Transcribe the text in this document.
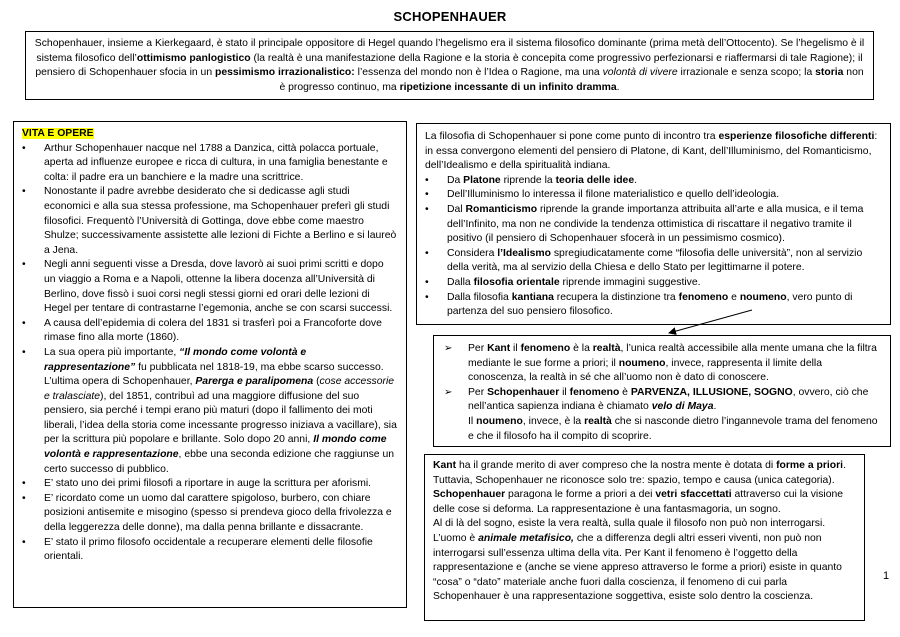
SCHOPENHAUER
Schopenhauer, insieme a Kierkegaard, è stato il principale oppositore di Hegel quando l’hegelismo era il sistema filosofico dominante (prima metà dell’Ottocento). Se l’hegelismo è il sistema filosofico dell’ottimismo panlogistico (la realtà è una manifestazione della Ragione e la storia è concepita come progressivo perfezionarsi e riaffermarsi di tale Ragione); il pensiero di Schopenhauer sfocia in un pessimismo irrazionalistico: l’essenza del mondo non è l’Idea o Ragione, ma una volontà di vivere irrazionale e senza scopo; la storia non è progresso continuo, ma ripetizione incessante di un infinito dramma.
VITA E OPERE
• Arthur Schopenhauer nacque nel 1788 a Danzica, città polacca portuale, aperta ad influenze europee e ricca di cultura, in una famiglia benestante e colta: il padre era un banchiere e la madre una scrittrice.
• Nonostante il padre avrebbe desiderato che si dedicasse agli studi economici e alla sua stessa professione, ma Schopenhauer preferì gli studi filosofici. Frequentò l’Università di Gottinga, dove ebbe come maestro Shulze; successivamente assistette alle lezioni di Fichte a Berlino e si laureò a Jena.
• Negli anni seguenti visse a Dresda, dove lavorò ai suoi primi scritti e dopo un viaggio a Roma e a Napoli, ottenne la libera docenza all’Università di Berlino, dove fissò i suoi corsi negli stessi giorni ed orari delle lezioni di Hegel per tentare di contrastarne l’egemonia, anche se con scarsi successi.
• A causa dell’epidemia di colera del 1831 si trasferì poi a Francoforte dove rimase fino alla morte (1860).
• La sua opera più importante, “Il mondo come volontà e rappresentazione” fu pubblicata nel 1818-19, ma ebbe scarso successo. L’ultima opera di Schopenhauer, Parerga e paralipomena (cose accessorie e tralasciate), del 1851, contribuì ad una maggiore diffusione del suo pensiero, sia perché i tempi erano più maturi (dopo il fallimento dei moti liberali, l’idea della storia come incessante progresso iniziava a vacillare), sia per la scrittura più popolare e brillante. Solo dopo 20 anni, Il mondo come volontà e rappresentazione, ebbe una seconda edizione che raggiunse un certo successo di pubblico.
• E’ stato uno dei primi filosofi a riportare in auge la scrittura per aforismi.
• E’ ricordato come un uomo dal carattere spigoloso, burbero, con chiare posizioni antisemite e misogino (spesso si prendeva gioco della frivolezza e della leggerezza delle donne), ma dalla penna brillante e dissacrante.
• E’ stato il primo filosofo occidentale a recuperare elementi delle filosofie orientali.
La filosofia di Schopenhauer si pone come punto di incontro tra esperienze filosofiche differenti: in essa convergono elementi del pensiero di Platone, di Kant, dell’Illuminismo, del Romanticismo, dell’Idealismo e della spiritualità indiana.
• Da Platone riprende la teoria delle idee.
• Dell’Illuminismo lo interessa il filone materialistico e quello dell’ideologia.
• Dal Romanticismo riprende la grande importanza attribuita all’arte e alla musica, e il tema dell’Infinito, ma non ne condivide la tendenza ottimistica di riscattare il negativo tramite il positivo (il pensiero di Schopenhauer sfocerà in un pessimismo cosmico).
• Considera l’Idealismo spregiudicatamente come “filosofia delle università”, non al servizio della verità, ma al servizio della Chiesa e dello Stato per legittimarne il potere.
• Dalla filosofia orientale riprende immagini suggestive.
• Dalla filosofia kantiana recupera la distinzione tra fenomeno e noumeno, vero punto di partenza del suo pensiero filosofico.
➢ Per Kant il fenomeno è la realtà, l’unica realtà accessibile alla mente umana che la filtra mediante le sue forme a priori; il noumeno, invece, rappresenta il limite della conoscenza, la realtà in sé che all’uomo non è dato di conoscere.
➢ Per Schopenhauer il fenomeno è PARVENZA, ILLUSIONE, SOGNO, ovvero, ciò che nell’antica sapienza indiana è chiamato velo di Maya.
Il noumeno, invece, è la realtà che si nasconde dietro l’ingannevole trama del fenomeno e che il filosofo ha il compito di scoprire.
Kant ha il grande merito di aver compreso che la nostra mente è dotata di forme a priori. Tuttavia, Schopenhauer ne riconosce solo tre: spazio, tempo e causa (unica categoria).
Schopenhauer paragona le forme a priori a dei vetri sfaccettati attraverso cui la visione delle cose si deforma. La rappresentazione è una fantasmagoria, un sogno.
Al di là del sogno, esiste la vera realtà, sulla quale il filosofo non può non interrogarsi.
L’uomo è animale metafisico, che a differenza degli altri esseri viventi, non può non interrogarsi sull’essenza ultima della vita. Per Kant il fenomeno è l’oggetto della rappresentazione e (anche se viene appreso attraverso le forme a priori) esiste in quanto “cosa” o “dato” materiale anche fuori dalla coscienza, il fenomeno di cui parla Schopenhauer è una rappresentazione soggettiva, esiste solo dentro la coscienza.
1
